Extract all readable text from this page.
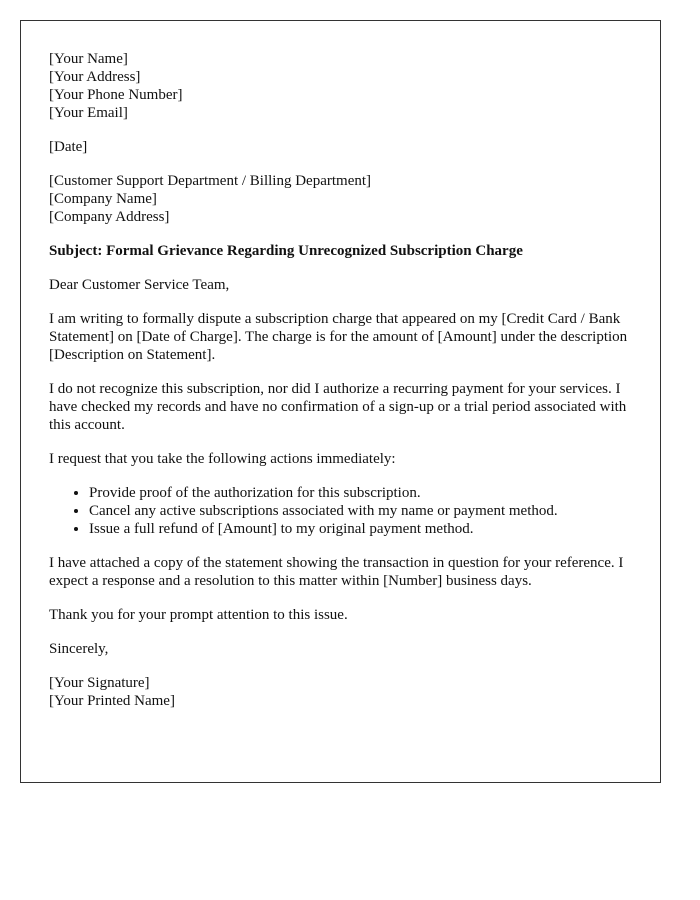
[Your Name]
[Your Address]
[Your Phone Number]
[Your Email]

[Date]

[Customer Support Department / Billing Department]
[Company Name]
[Company Address]

Subject: Formal Grievance Regarding Unrecognized Subscription Charge

Dear Customer Service Team,

I am writing to formally dispute a subscription charge that appeared on my [Credit Card / Bank Statement] on [Date of Charge]. The charge is for the amount of [Amount] under the description [Description on Statement].

I do not recognize this subscription, nor did I authorize a recurring payment for your services. I have checked my records and have no confirmation of a sign-up or a trial period associated with this account.

I request that you take the following actions immediately:

• Provide proof of the authorization for this subscription.
• Cancel any active subscriptions associated with my name or payment method.
• Issue a full refund of [Amount] to my original payment method.

I have attached a copy of the statement showing the transaction in question for your reference. I expect a response and a resolution to this matter within [Number] business days.

Thank you for your prompt attention to this issue.

Sincerely,

[Your Signature]
[Your Printed Name]
